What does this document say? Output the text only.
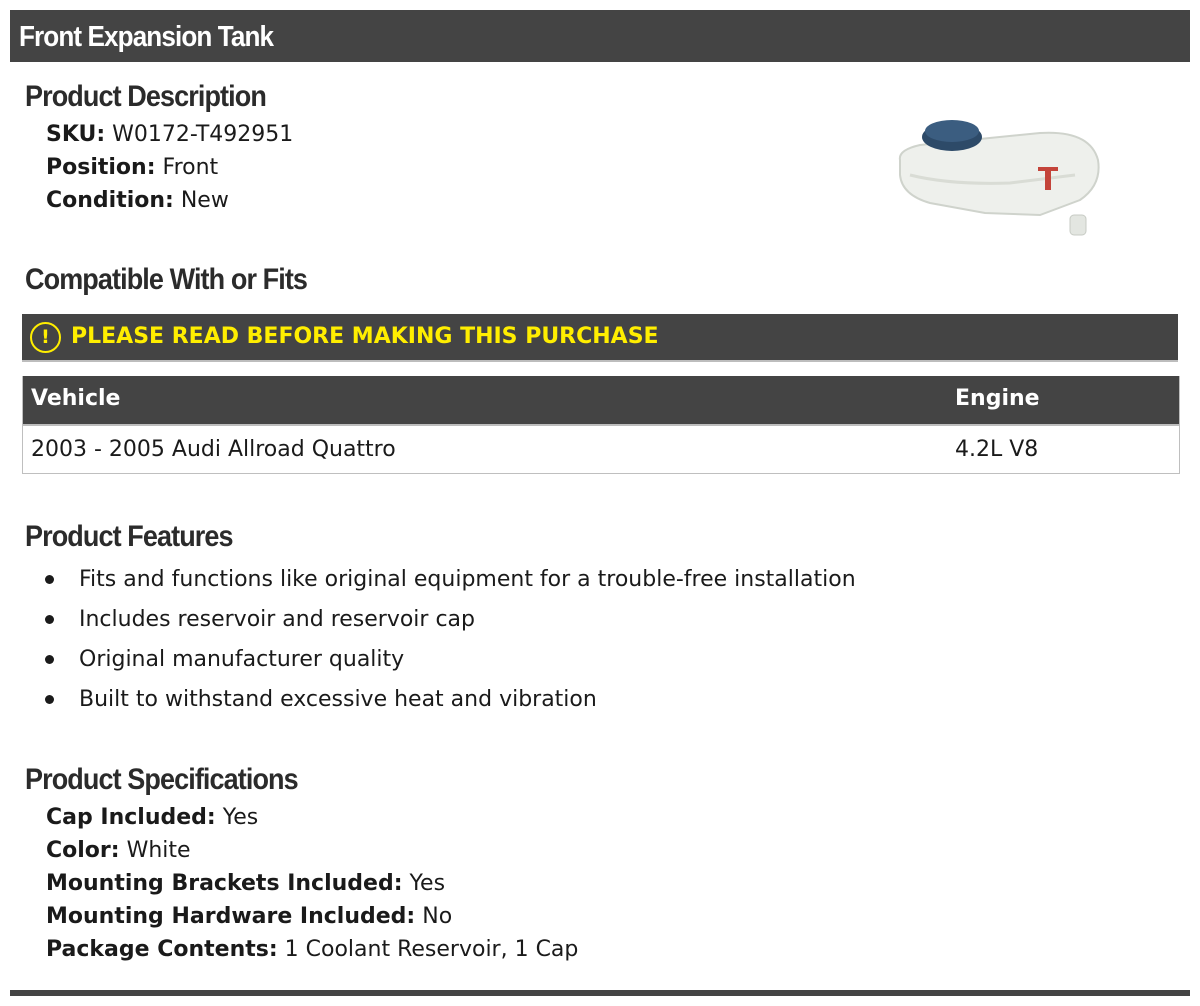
Front Expansion Tank
Product Description
SKU: W0172-T492951
Position: Front
Condition: New
Compatible With or Fits
! PLEASE READ BEFORE MAKING THIS PURCHASE
Vehicle	Engine
2003 - 2005 Audi Allroad Quattro	4.2L V8
Product Features
Fits and functions like original equipment for a trouble-free installation
Includes reservoir and reservoir cap
Original manufacturer quality
Built to withstand excessive heat and vibration
Product Specifications
Cap Included: Yes
Color: White
Mounting Brackets Included: Yes
Mounting Hardware Included: No
Package Contents: 1 Coolant Reservoir, 1 Cap
